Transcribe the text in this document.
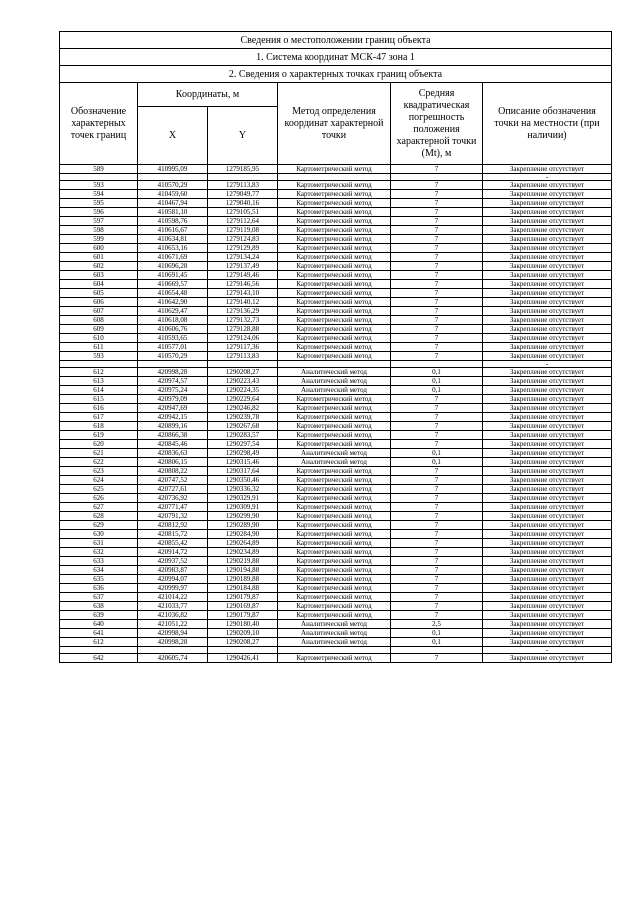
Сведения о местоположении границ объекта					
1. Система координат МСК-47 зона 1					
2. Сведения о характерных точках границ объекта					
Обозначение характерных точек границ	Координаты, м		Метод определения координат характерной точки	Средняя квадратическая погрешность положения характерной точки (Mt), м	Описание обозначения точки на местности (при наличии)
	X	Y			
589	410995,09	1279185,95	Картометрический метод	7	Закрепление отсутствует
					-
593	410570,29	1279113,83	Картометрический метод	7	Закрепление отсутствует
594	410459,60	1279049,77	Картометрический метод	7	Закрепление отсутствует
595	410467,94	1279040,16	Картометрический метод	7	Закрепление отсутствует
596	410581,10	1279105,51	Картометрический метод	7	Закрепление отсутствует
597	410598,76	1279112,64	Картометрический метод	7	Закрепление отсутствует
598	410616,67	1279119,08	Картометрический метод	7	Закрепление отсутствует
599	410634,81	1279124,83	Картометрический метод	7	Закрепление отсутствует
600	410653,16	1279129,89	Картометрический метод	7	Закрепление отсутствует
601	410671,69	1279134,24	Картометрический метод	7	Закрепление отсутствует
602	410696,28	1279137,49	Картометрический метод	7	Закрепление отсутствует
603	410691,45	1279149,46	Картометрический метод	7	Закрепление отсутствует
604	410669,57	1279146,56	Картометрический метод	7	Закрепление отсутствует
605	410654,48	1279143,10	Картометрический метод	7	Закрепление отсутствует
606	410642,90	1279140,12	Картометрический метод	7	Закрепление отсутствует
607	410629,47	1279136,29	Картометрический метод	7	Закрепление отсутствует
608	410618,08	1279132,73	Картометрический метод	7	Закрепление отсутствует
609	410606,76	1279128,88	Картометрический метод	7	Закрепление отсутствует
610	410593,65	1279124,06	Картометрический метод	7	Закрепление отсутствует
611	410577,01	1279117,36	Картометрический метод	7	Закрепление отсутствует
593	410570,29	1279113,83	Картометрический метод	7	Закрепление отсутствует
					-
612	420998,28	1290208,27	Аналитический метод	0,1	Закрепление отсутствует
613	420974,57	1290223,43	Аналитический метод	0,1	Закрепление отсутствует
614	420975,24	1290224,35	Аналитический метод	0,1	Закрепление отсутствует
615	420979,09	1290229,64	Картометрический метод	7	Закрепление отсутствует
616	420947,69	1290246,82	Картометрический метод	7	Закрепление отсутствует
617	420942,15	1290239,78	Картометрический метод	7	Закрепление отсутствует
618	420899,16	1290267,68	Картометрический метод	7	Закрепление отсутствует
619	420866,38	1290283,57	Картометрический метод	7	Закрепление отсутствует
620	420845,46	1290297,54	Картометрический метод	7	Закрепление отсутствует
621	420836,63	1290298,49	Аналитический метод	0,1	Закрепление отсутствует
622	420806,15	1290315,46	Аналитический метод	0,1	Закрепление отсутствует
623	420808,22	1290317,64	Картометрический метод	7	Закрепление отсутствует
624	420747,52	1290350,46	Картометрический метод	7	Закрепление отсутствует
625	420727,61	1290336,32	Картометрический метод	7	Закрепление отсутствует
626	420736,92	1290329,91	Картометрический метод	7	Закрепление отсутствует
627	420771,47	1290309,91	Картометрический метод	7	Закрепление отсутствует
628	420791,32	1290299,90	Картометрический метод	7	Закрепление отсутствует
629	420812,92	1290289,90	Картометрический метод	7	Закрепление отсутствует
630	420815,72	1290284,90	Картометрический метод	7	Закрепление отсутствует
631	420855,42	1290264,89	Картометрический метод	7	Закрепление отсутствует
632	420914,72	1290234,89	Картометрический метод	7	Закрепление отсутствует
633	420937,52	1290219,88	Картометрический метод	7	Закрепление отсутствует
634	420983,87	1290194,88	Картометрический метод	7	Закрепление отсутствует
635	420994,07	1290189,88	Картометрический метод	7	Закрепление отсутствует
636	420999,97	1290184,88	Картометрический метод	7	Закрепление отсутствует
637	421014,22	1290179,87	Картометрический метод	7	Закрепление отсутствует
638	421033,77	1290169,87	Картометрический метод	7	Закрепление отсутствует
639	421036,82	1290179,87	Картометрический метод	7	Закрепление отсутствует
640	421051,22	1290180,40	Аналитический метод	2,5	Закрепление отсутствует
641	420998,94	1290209,10	Аналитический метод	0,1	Закрепление отсутствует
612	420998,28	1290208,27	Аналитический метод	0,1	Закрепление отсутствует
					-
642	420605,74	1290426,41	Картометрический метод	7	Закрепление отсутствует
